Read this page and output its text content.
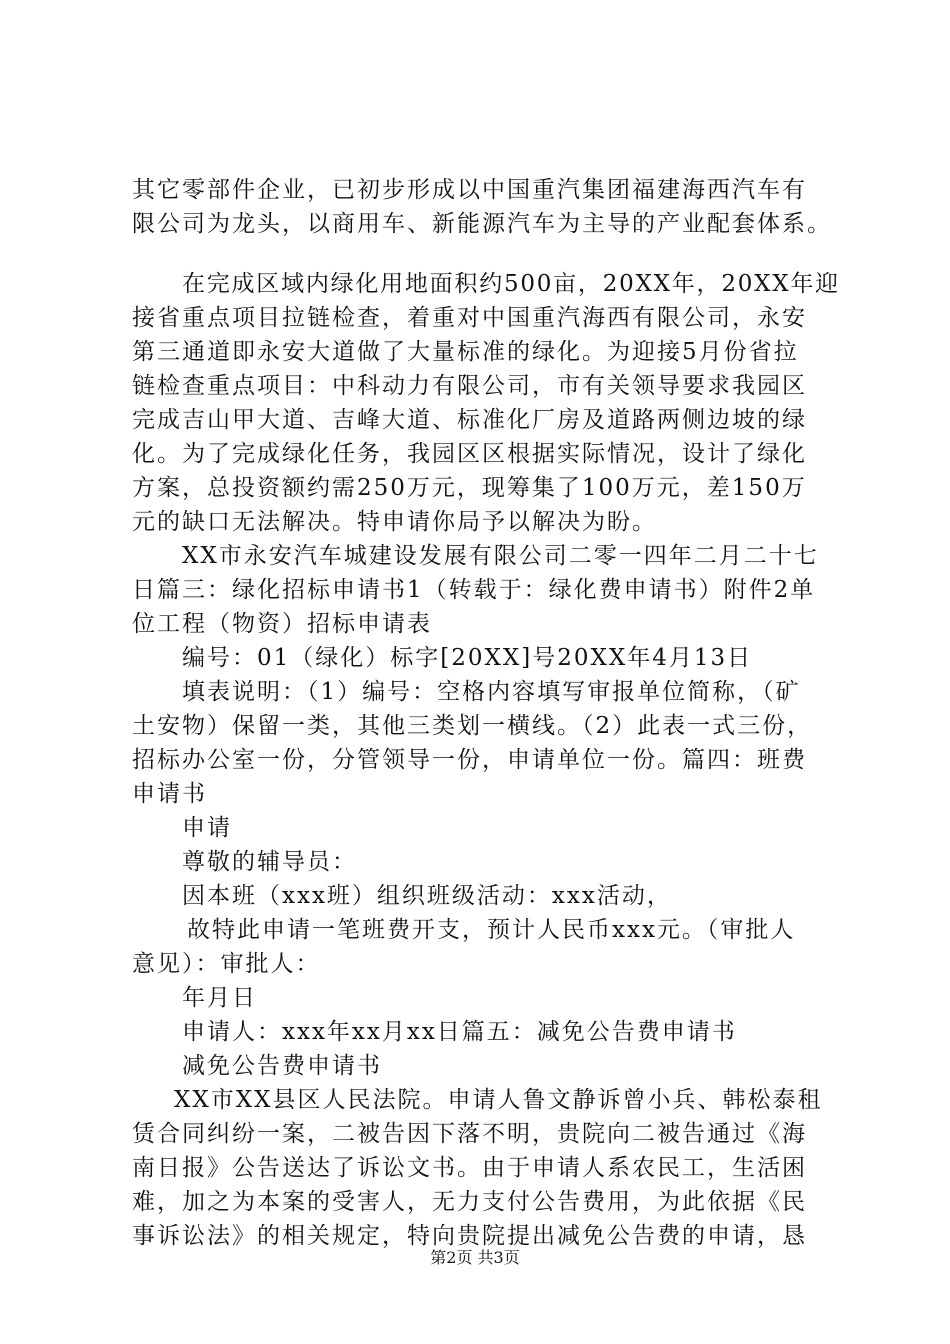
其它零部件企业，已初步形成以中国重汽集团福建海西汽车有
限公司为龙头，以商用车、新能源汽车为主导的产业配套体系。
在完成区域内绿化用地面积约500亩，20XX年，20XX年迎
接省重点项目拉链检查，着重对中国重汽海西有限公司，永安
第三通道即永安大道做了大量标准的绿化。为迎接5月份省拉
链检查重点项目：中科动力有限公司，市有关领导要求我园区
完成吉山甲大道、吉峰大道、标准化厂房及道路两侧边坡的绿
化。为了完成绿化任务，我园区区根据实际情况，设计了绿化
方案，总投资额约需250万元，现筹集了100万元，差150万
元的缺口无法解决。特申请你局予以解决为盼。
XX市永安汽车城建设发展有限公司二零一四年二月二十七
日篇三：绿化招标申请书1（转载于：绿化费申请书）附件2单
位工程（物资）招标申请表
编号：01（绿化）标字[20XX]号20XX年4月13日
填表说明：（1）编号：空格内容填写审报单位简称，（矿
土安物）保留一类，其他三类划一横线。（2）此表一式三份，
招标办公室一份，分管领导一份，申请单位一份。篇四：班费
申请书
申请
尊敬的辅导员：
因本班（xxx班）组织班级活动：xxx活动，
故特此申请一笔班费开支，预计人民币xxx元。（审批人
意见）：审批人：
年月日
申请人：xxx年xx月xx日篇五：减免公告费申请书
减免公告费申请书
XX市XX县区人民法院。申请人鲁文静诉曾小兵、韩松泰租
赁合同纠纷一案，二被告因下落不明，贵院向二被告通过《海
南日报》公告送达了诉讼文书。由于申请人系农民工，生活困
难，加之为本案的受害人，无力支付公告费用，为此依据《民
事诉讼法》的相关规定，特向贵院提出减免公告费的申请，恳
第2页 共3页
